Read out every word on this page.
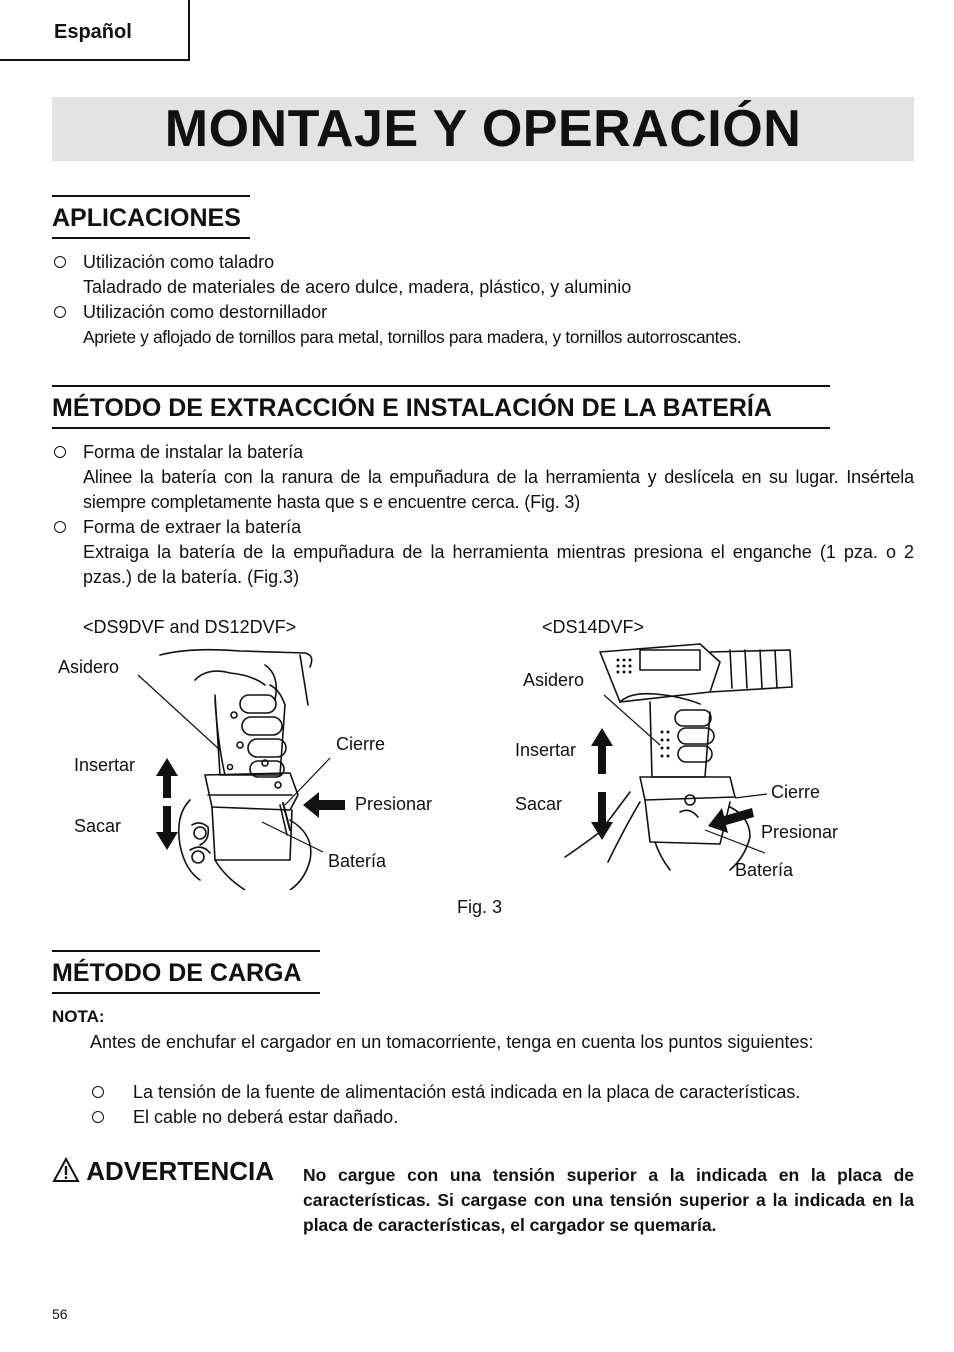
Español
MONTAJE Y OPERACIÓN
APLICACIONES
Utilización como taladro
Taladrado de materiales de acero dulce, madera, plástico, y aluminio
Utilización como destornillador
Apriete y aflojado de tornillos para metal, tornillos para madera, y tornillos autorroscantes.
MÉTODO DE EXTRACCIÓN E INSTALACIÓN DE LA BATERÍA
Forma de instalar la batería
Alinee la batería con la ranura de la empuñadura de la herramienta y deslícela en su lugar. Insértela siempre completamente hasta que s e encuentre cerca. (Fig. 3)
Forma de extraer la batería
Extraiga la batería de la empuñadura de la herramienta mientras presiona el enganche (1 pza. o 2 pzas.) de la batería. (Fig.3)
<DS9DVF and DS12DVF>	<DS14DVF>
Asidero
Insertar
Sacar
Cierre
Presionar
Batería
Asidero
Insertar
Sacar
Cierre
Presionar
Batería
Fig. 3
MÉTODO DE CARGA
NOTA:
Antes de enchufar el cargador en un tomacorriente, tenga en cuenta los puntos siguientes:
La tensión de la fuente de alimentación está indicada en la placa de características.
El cable no deberá estar dañado.
ADVERTENCIA No cargue con una tensión superior a la indicada en la placa de características. Si cargase con una tensión superior a la indicada en la placa de características, el cargador se quemaría.
56
